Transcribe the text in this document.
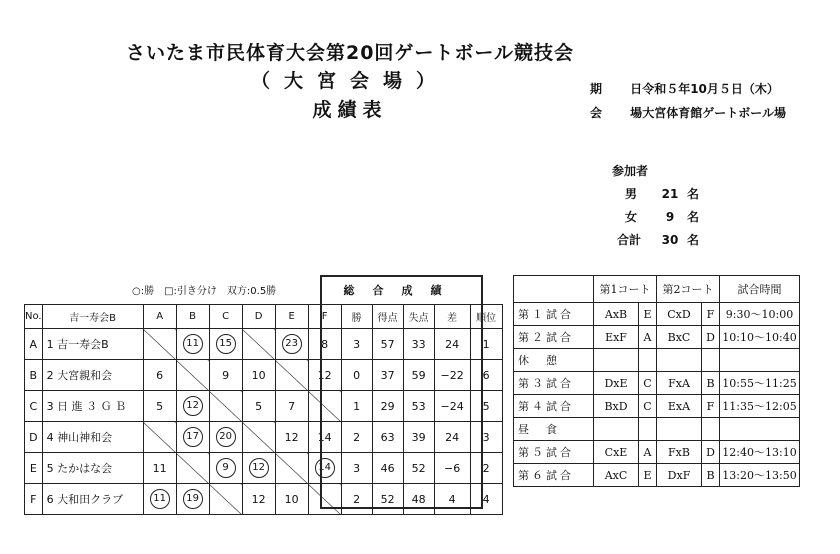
さいたま市民体育大会第20回ゲートボール競技会
（大宮会場）
成績表
期 日 令和５年10月５日（木）
会 場 大宮体育館ゲートボール場
参加者
男 21 名
女 9 名
合計 30 名
○:勝　□:引き分け　双方:0.5勝	総合成績
No.	吉一寿会B	A	B	C	D	E	F	勝	得点	失点	差	順位
A	1 吉一寿会B		11	15		23	8	3	57	33	24	1
B	2 大宮親和会	6		9	10		12	0	37	59	−22	6
C	3 日 進 ３ Ｇ Ｂ	5	12		5	7		1	29	53	−24	5
D	4 神山神和会		17	20		12	14	2	63	39	24	3
E	5 たかはな会	11		9	12		14	3	46	52	−6	2
F	6 大和田クラブ	11	19		12	10		2	52	48	4	4
	第1コート		第2コート		試合時間
第１試合	AxB	E	CxD	F	9:30〜10:00
第２試合	ExF	A	BxC	D	10:10〜10:40
休　憩					
第３試合	DxE	C	FxA	B	10:55〜11:25
第４試合	BxD	C	ExA	F	11:35〜12:05
昼　食					
第５試合	CxE	A	FxB	D	12:40〜13:10
第６試合	AxC	E	DxF	B	13:20〜13:50
